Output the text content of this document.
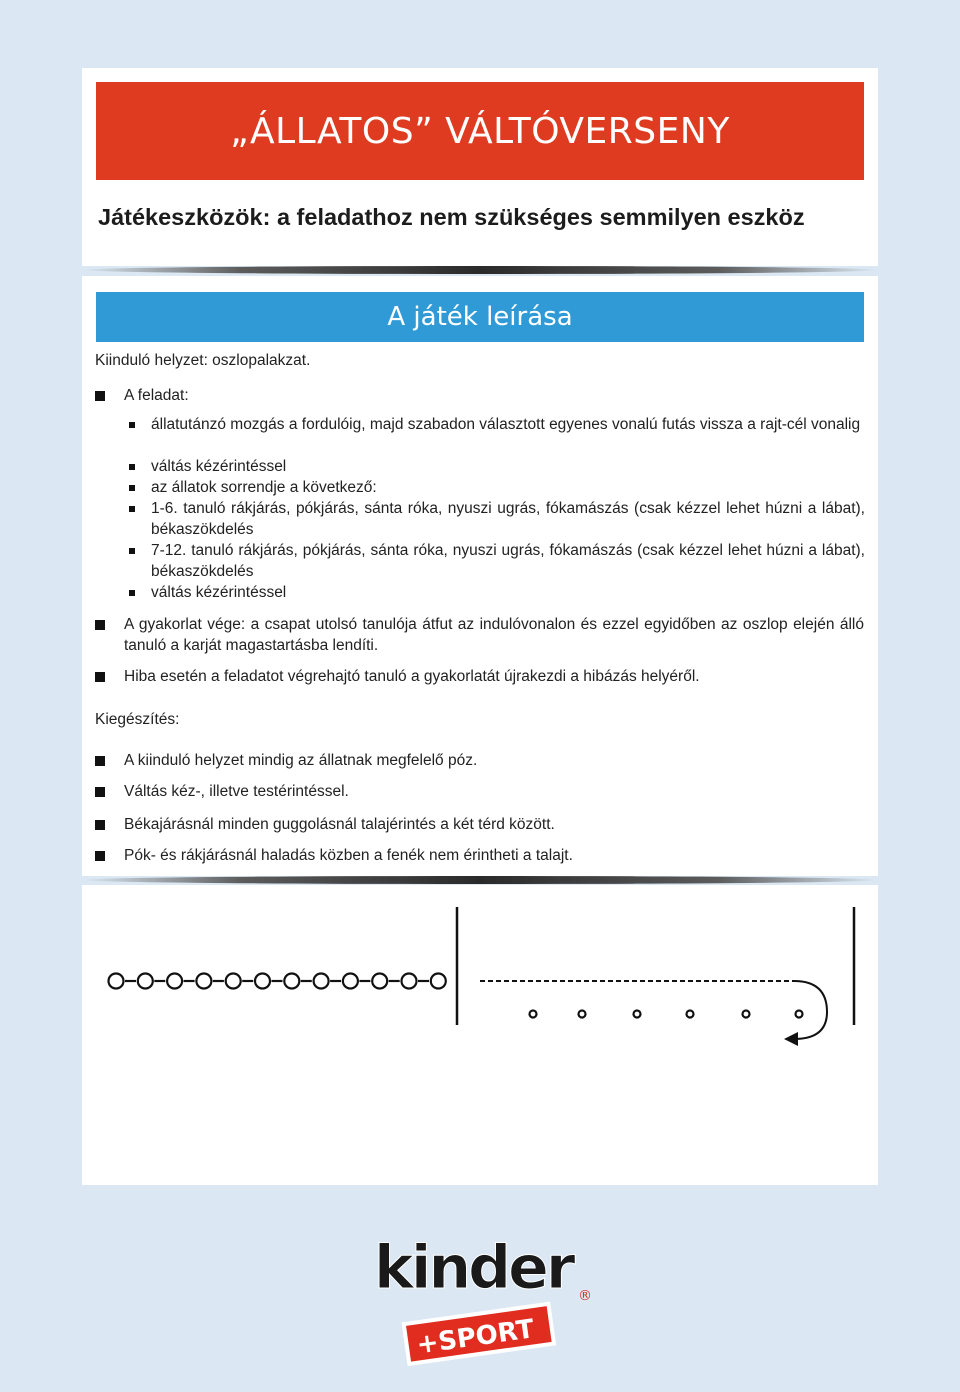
„ÁLLATOS” VÁLTÓVERSENY
Játékeszközök: a feladathoz nem szükséges semmilyen eszköz
A játék leírása
Kiinduló helyzet: oszlopalakzat.
A feladat:
állatutánzó mozgás a fordulóig, majd szabadon választott egyenes vonalú futás vissza a rajt-cél vonalig
váltás kézérintéssel
az állatok sorrendje a következő:
1-6. tanuló rákjárás, pókjárás, sánta róka, nyuszi ugrás, fókamászás (csak kézzel lehet húzni a lábat), békaszökdelés
7-12. tanuló rákjárás, pókjárás, sánta róka, nyuszi ugrás, fókamászás (csak kézzel lehet húzni a lábat), békaszökdelés
váltás kézérintéssel
A gyakorlat vége: a csapat utolsó tanulója átfut az indulóvonalon és ezzel egyidőben az oszlop elején álló tanuló a karját magastartásba lendíti.
Hiba esetén a feladatot végrehajtó tanuló a gyakorlatát újrakezdi a hibázás helyéről.
Kiegészítés:
A kiinduló helyzet mindig az állatnak megfelelő póz.
Váltás kéz-, illetve testérintéssel.
Békajárásnál minden guggolásnál talajérintés a két térd között.
Pók- és rákjárásnál haladás közben a fenék nem érintheti a talajt.
kinder ®
+SPORT
